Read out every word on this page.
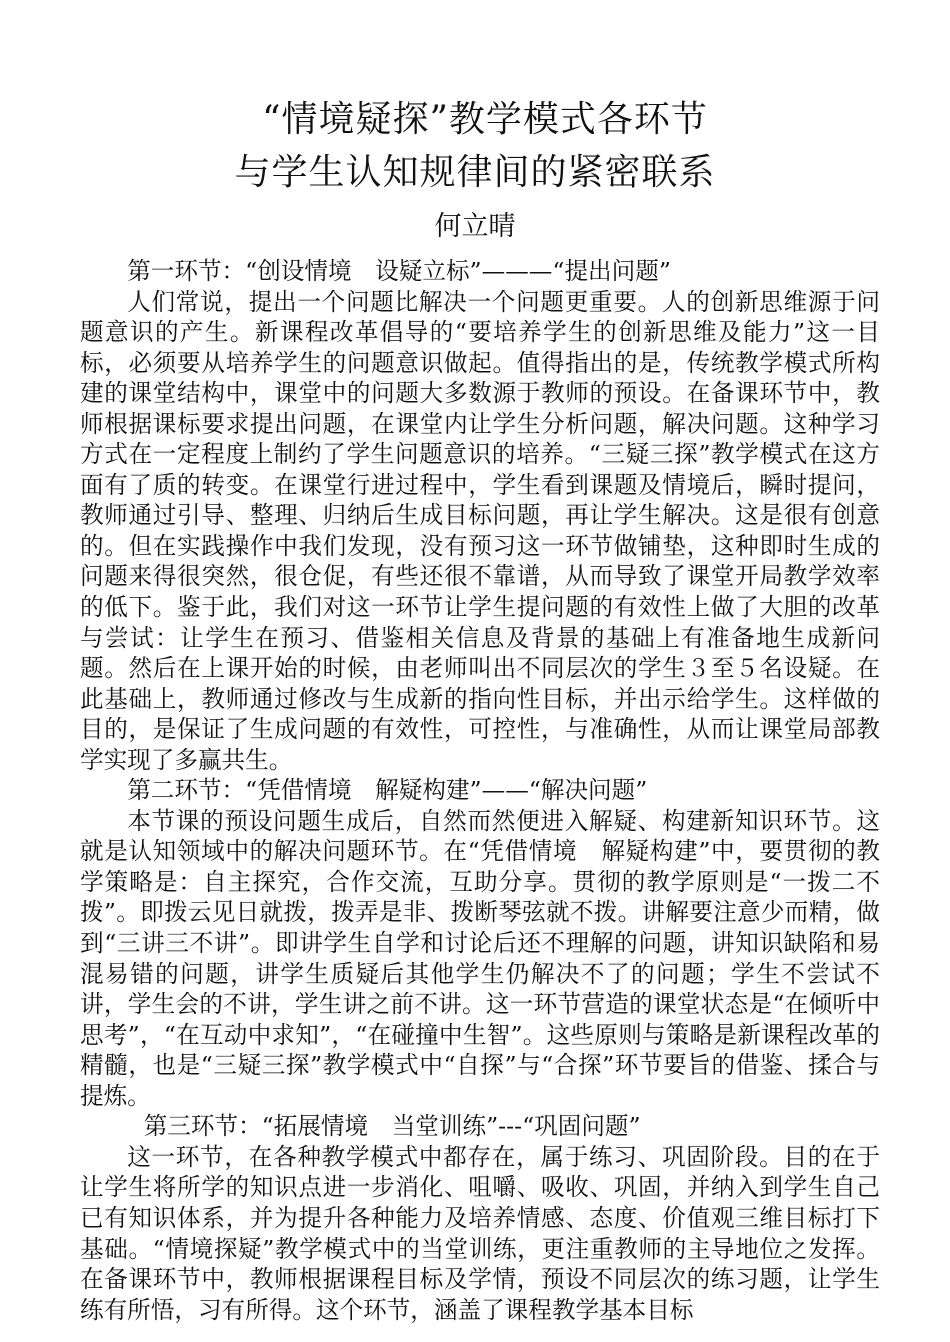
“情境疑探”教学模式各环节
与学生认知规律间的紧密联系
何立晴

第一环节：“创设情境　设疑立标”———“提出问题”

人们常说，提出一个问题比解决一个问题更重要。人的创新思维源于问题意识的产生。新课程改革倡导的“要培养学生的创新思维及能力”这一目标，必须要从培养学生的问题意识做起。值得指出的是，传统教学模式所构建的课堂结构中，课堂中的问题大多数源于教师的预设。在备课环节中，教师根据课标要求提出问题，在课堂内让学生分析问题，解决问题。这种学习方式在一定程度上制约了学生问题意识的培养。“三疑三探”教学模式在这方面有了质的转变。在课堂行进过程中，学生看到课题及情境后，瞬时提问，教师通过引导、整理、归纳后生成目标问题，再让学生解决。这是很有创意的。但在实践操作中我们发现，没有预习这一环节做铺垫，这种即时生成的问题来得很突然，很仓促，有些还很不靠谱，从而导致了课堂开局教学效率的低下。鉴于此，我们对这一环节让学生提问题的有效性上做了大胆的改革与尝试：让学生在预习、借鉴相关信息及背景的基础上有准备地生成新问题。然后在上课开始的时候，由老师叫出不同层次的学生３至５名设疑。在此基础上，教师通过修改与生成新的指向性目标，并出示给学生。这样做的目的，是保证了生成问题的有效性，可控性，与准确性，从而让课堂局部教学实现了多赢共生。

第二环节：“凭借情境　解疑构建”——“解决问题”

本节课的预设问题生成后，自然而然便进入解疑、构建新知识环节。这就是认知领域中的解决问题环节。在“凭借情境　解疑构建”中，要贯彻的教学策略是：自主探究，合作交流，互助分享。贯彻的教学原则是“一拨二不拨”。即拨云见日就拨，拨弄是非、拨断琴弦就不拨。讲解要注意少而精，做到“三讲三不讲”。即讲学生自学和讨论后还不理解的问题，讲知识缺陷和易混易错的问题，讲学生质疑后其他学生仍解决不了的问题；学生不尝试不讲，学生会的不讲，学生讲之前不讲。这一环节营造的课堂状态是“在倾听中思考”，“在互动中求知”，“在碰撞中生智”。这些原则与策略是新课程改革的精髓，也是“三疑三探”教学模式中“自探”与“合探”环节要旨的借鉴、揉合与提炼。

第三环节：“拓展情境　当堂训练”---“巩固问题”

这一环节，在各种教学模式中都存在，属于练习、巩固阶段。目的在于让学生将所学的知识点进一步消化、咀嚼、吸收、巩固，并纳入到学生自己已有知识体系，并为提升各种能力及培养情感、态度、价值观三维目标打下基础。“情境探疑”教学模式中的当堂训练，更注重教师的主导地位之发挥。在备课环节中，教师根据课程目标及学情，预设不同层次的练习题，让学生练有所悟，习有所得。这个环节，涵盖了课程教学基本目标
